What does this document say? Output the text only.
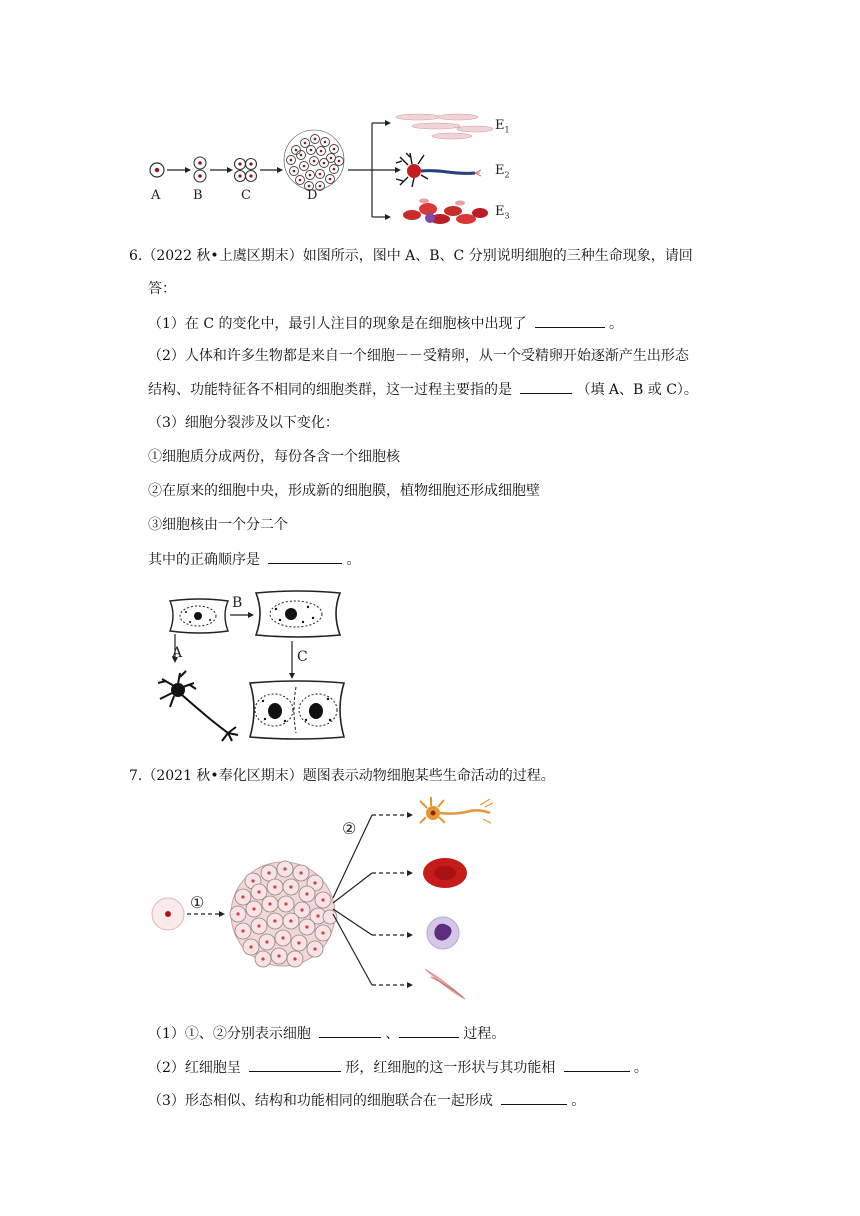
A	B	C	D
$E_1$
$E_2$
$E_3$
6.（2022 秋•上虞区期末）如图所示，图中 A、B、C 分别说明细胞的三种生命现象，请回
答：
（1）在 C 的变化中，最引人注目的现象是在细胞核中出现了	。
（2）人体和许多生物都是来自一个细胞－－受精卵，从一个受精卵开始逐渐产生出形态
结构、功能特征各不相同的细胞类群，这一过程主要指的是	（填 A、B 或 C）。
（3）细胞分裂涉及以下变化：
①细胞质分成两份，每份各含一个细胞核
②在原来的细胞中央，形成新的细胞膜，植物细胞还形成细胞壁
③细胞核由一个分二个
其中的正确顺序是	。
B
A	C
7.（2021 秋•奉化区期末）题图表示动物细胞某些生命活动的过程。
①
②
（1）①、②分别表示细胞	、	过程。
（2）红细胞呈	形，红细胞的这一形状与其功能相	。
（3）形态相似、结构和功能相同的细胞联合在一起形成	。
